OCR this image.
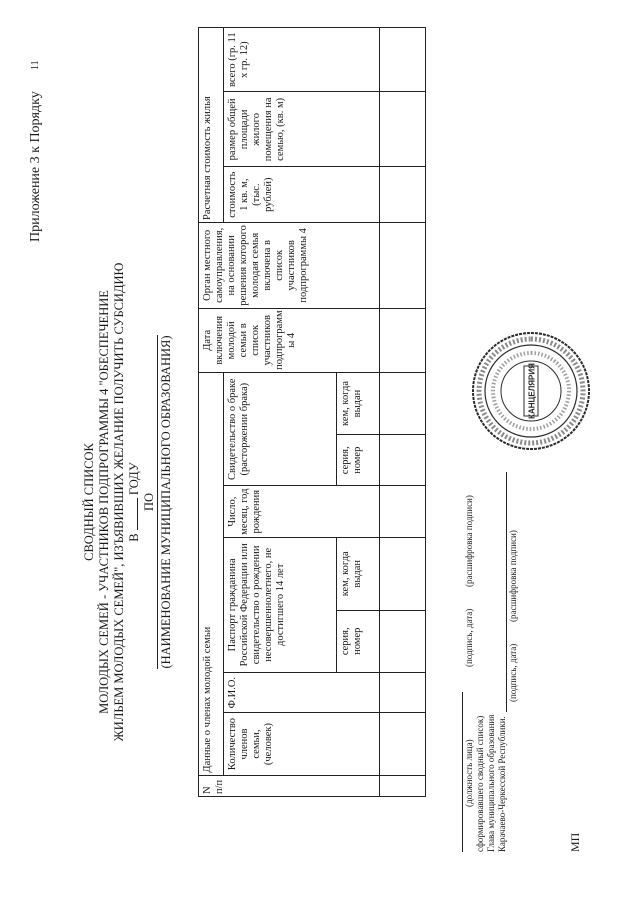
11
Приложение 3 к Порядку
СВОДНЫЙ СПИСОК МОЛОДЫХ СЕМЕЙ - УЧАСТНИКОВ ПОДПРОГРАММЫ 4 "ОБЕСПЕЧЕНИЕ ЖИЛЬЕМ МОЛОДЫХ СЕМЕЙ", ИЗЪЯВИВШИХ ЖЕЛАНИЕ ПОЛУЧИТЬ СУБСИДИЮ В  ГОДУ
ПО (НАИМЕНОВАНИЕ МУНИЦИПАЛЬНОГО ОБРАЗОВАНИЯ)
N п/п	Данные о членах молодой семьи							Дата включения молодой семьи в список участников подпрограмм ы 4	Орган местного самоуправления, на основании решения которого молодая семья включена в список участников подпрограммы 4	Расчетная стоимость жилья		
	Количество членов семьи, (человек)	Ф.И.О.	Паспорт гражданина Российской Федерации или свидетельство о рождении несовершеннолетнего, не достигшего 14 лет		Число, месяц, год рождения	Свидетельство о браке (расторжении брака)				стоимость 1 кв. м, (тыс. рублей)	размер общей площади жилого помещения на семью, (кв. м)	всего (гр. 11 x гр. 12)
			серия, номер	кем, когда выдан		серия, номер	кем, когда выдан					

(должность лица) сформировавшего сводный список)
(подпись, дата)
(расшифровка подписи)
Глава муниципального образования Карачаево-Черкесской Республики.
(подпись, дата)
(расшифровка подписи)
МП
КАНЦЕЛЯРИЯ
